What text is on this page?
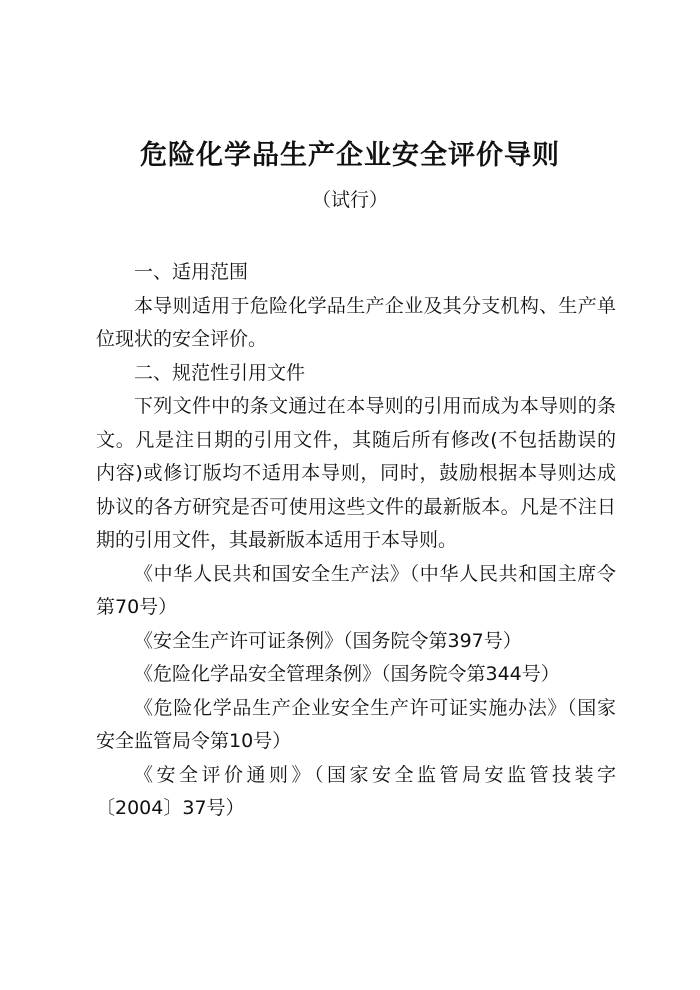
危险化学品生产企业安全评价导则
（试行）

一、适用范围

本导则适用于危险化学品生产企业及其分支机构、生产单位现状的安全评价。

二、规范性引用文件

下列文件中的条文通过在本导则的引用而成为本导则的条文。凡是注日期的引用文件，其随后所有修改(不包括勘误的内容)或修订版均不适用本导则，同时，鼓励根据本导则达成协议的各方研究是否可使用这些文件的最新版本。凡是不注日期的引用文件，其最新版本适用于本导则。

《中华人民共和国安全生产法》（中华人民共和国主席令第70号）

《安全生产许可证条例》（国务院令第397号）

《危险化学品安全管理条例》（国务院令第344号）

《危险化学品生产企业安全生产许可证实施办法》（国家安全监管局令第10号）

《安全评价通则》（国家安全监管局安监管技装字〔2004〕37号）
